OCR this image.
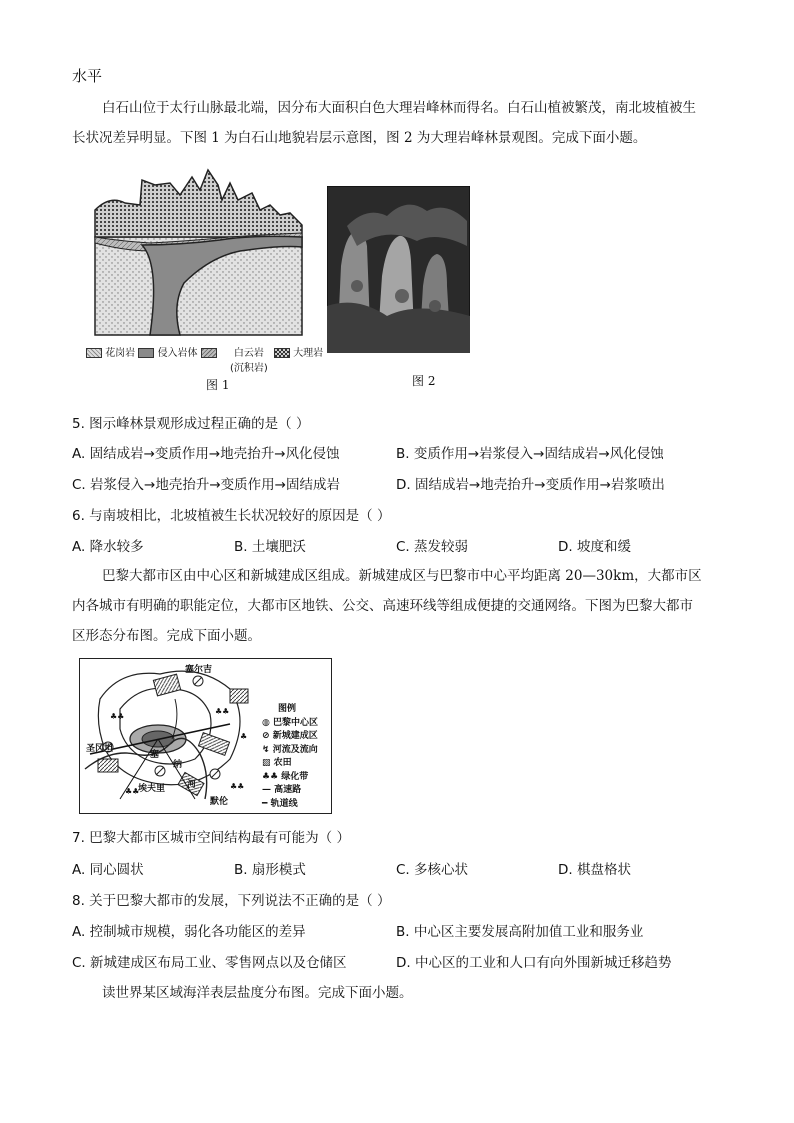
水平
白石山位于太行山脉最北端，因分布大面积白色大理岩峰林而得名。白石山植被繁茂，南北坡植被生
长状况差异明显。下图 1 为白石山地貌岩层示意图，图 2 为大理岩峰林景观图。完成下面小题。
花岗岩 侵入岩体	白云岩
(沉积岩)
大理岩
图 1	图 2
5. 图示峰林景观形成过程正确的是（ ）
A. 固结成岩→变质作用→地壳抬升→风化侵蚀	B. 变质作用→岩浆侵入→固结成岩→风化侵蚀
C. 岩浆侵入→地壳抬升→变质作用→固结成岩	D. 固结成岩→地壳抬升→变质作用→岩浆喷出
6. 与南坡相比，北坡植被生长状况较好的原因是（ ）
A. 降水较多	B. 土壤肥沃	C. 蒸发较弱	D. 坡度和缓
巴黎大都市区由中心区和新城建成区组成。新城建成区与巴黎市中心平均距离 20—30km，大都市区
内各城市有明确的职能定位，大都市区地铁、公交、高速环线等组成便捷的交通网络。下图为巴黎大都市
区形态分布图。完成下面小题。
♣♣
♣♣
♣♣
♣
♣♣
塞尔吉
圣冈坦
塞
纳
河
埃夫里
默伦
图例
◍ 巴黎中心区
⊘ 新城建成区
↯ 河流及流向
▨ 农田
♣♣ 绿化带
— 高速路
━ 轨道线
7. 巴黎大都市区城市空间结构最有可能为（ ）
A. 同心圆状	B. 扇形模式	C. 多核心状	D. 棋盘格状
8. 关于巴黎大都市的发展，下列说法不正确的是（ ）
A. 控制城市规模，弱化各功能区的差异	B. 中心区主要发展高附加值工业和服务业
C. 新城建成区布局工业、零售网点以及仓储区	D. 中心区的工业和人口有向外围新城迁移趋势
读世界某区域海洋表层盐度分布图。完成下面小题。
